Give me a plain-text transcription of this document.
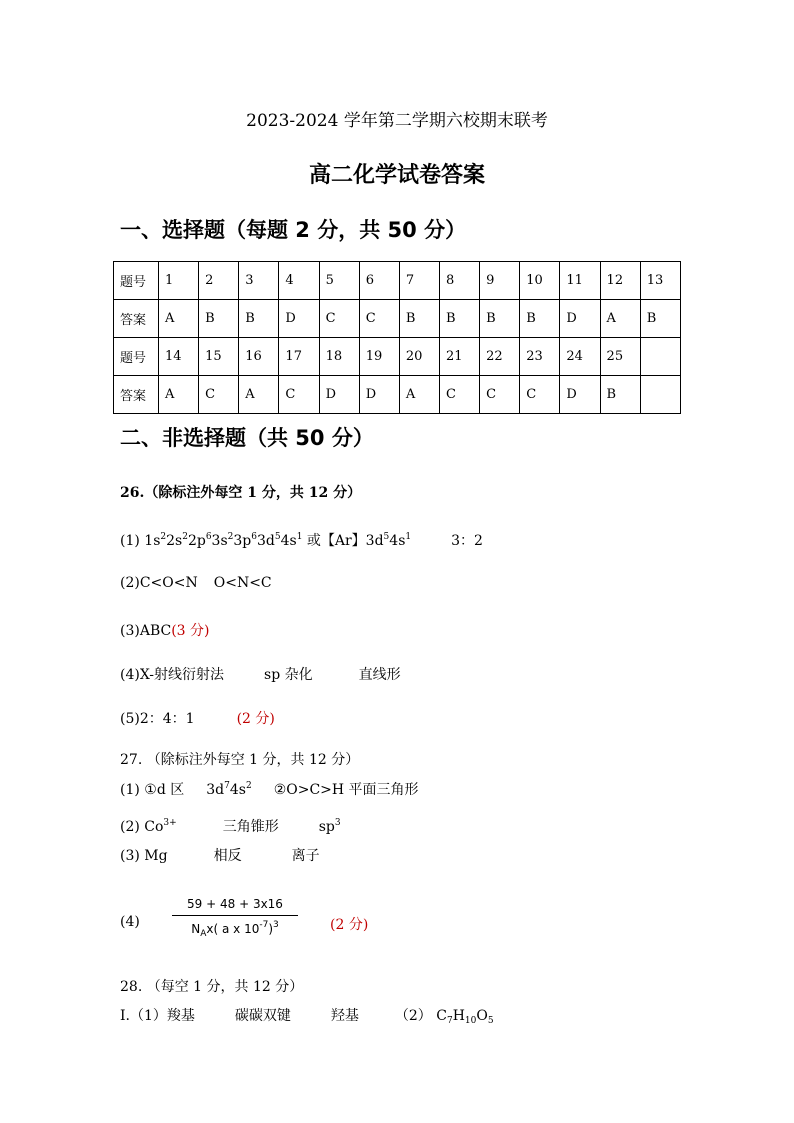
2023-2024 学年第二学期六校期末联考
高二化学试卷答案
一、选择题（每题 2 分，共 50 分）
题号	1	2	3	4	5	6	7	8	9	10	11	12	13
答案	A	B	B	D	C	C	B	B	B	B	D	A	B
题号	14	15	16	17	18	19	20	21	22	23	24	25	
答案	A	C	A	C	D	D	A	C	C	C	D	B	
二、非选择题（共 50 分）
26.（除标注外每空 1 分，共 12 分）
(1) $1s^22s^22p^63s^23p^63d^54s^1$ 或【Ar】$3d^54s^1$	3：2
(2)C<O<N O<N<C
(3)ABC(3 分)
(4)X-射线衍射法	sp 杂化	直线形
(5)2：4：1	(2 分)
27. （除标注外每空 1 分，共 12 分）
(1) ①d 区 $3d^74s^2$ ②O>C>H 平面三角形
(2) $Co^{3+}$	三角锥形	$sp^3$
(3) Mg	相反	离子
(4)
59 + 48 + 3x16
$N_Ax$( a x $10^{-7})^3$	(2 分)
28. （每空 1 分，共 12 分）
I.（1）羧基	碳碳双键	羟基	（2） $C_7H_{10}O_5$
